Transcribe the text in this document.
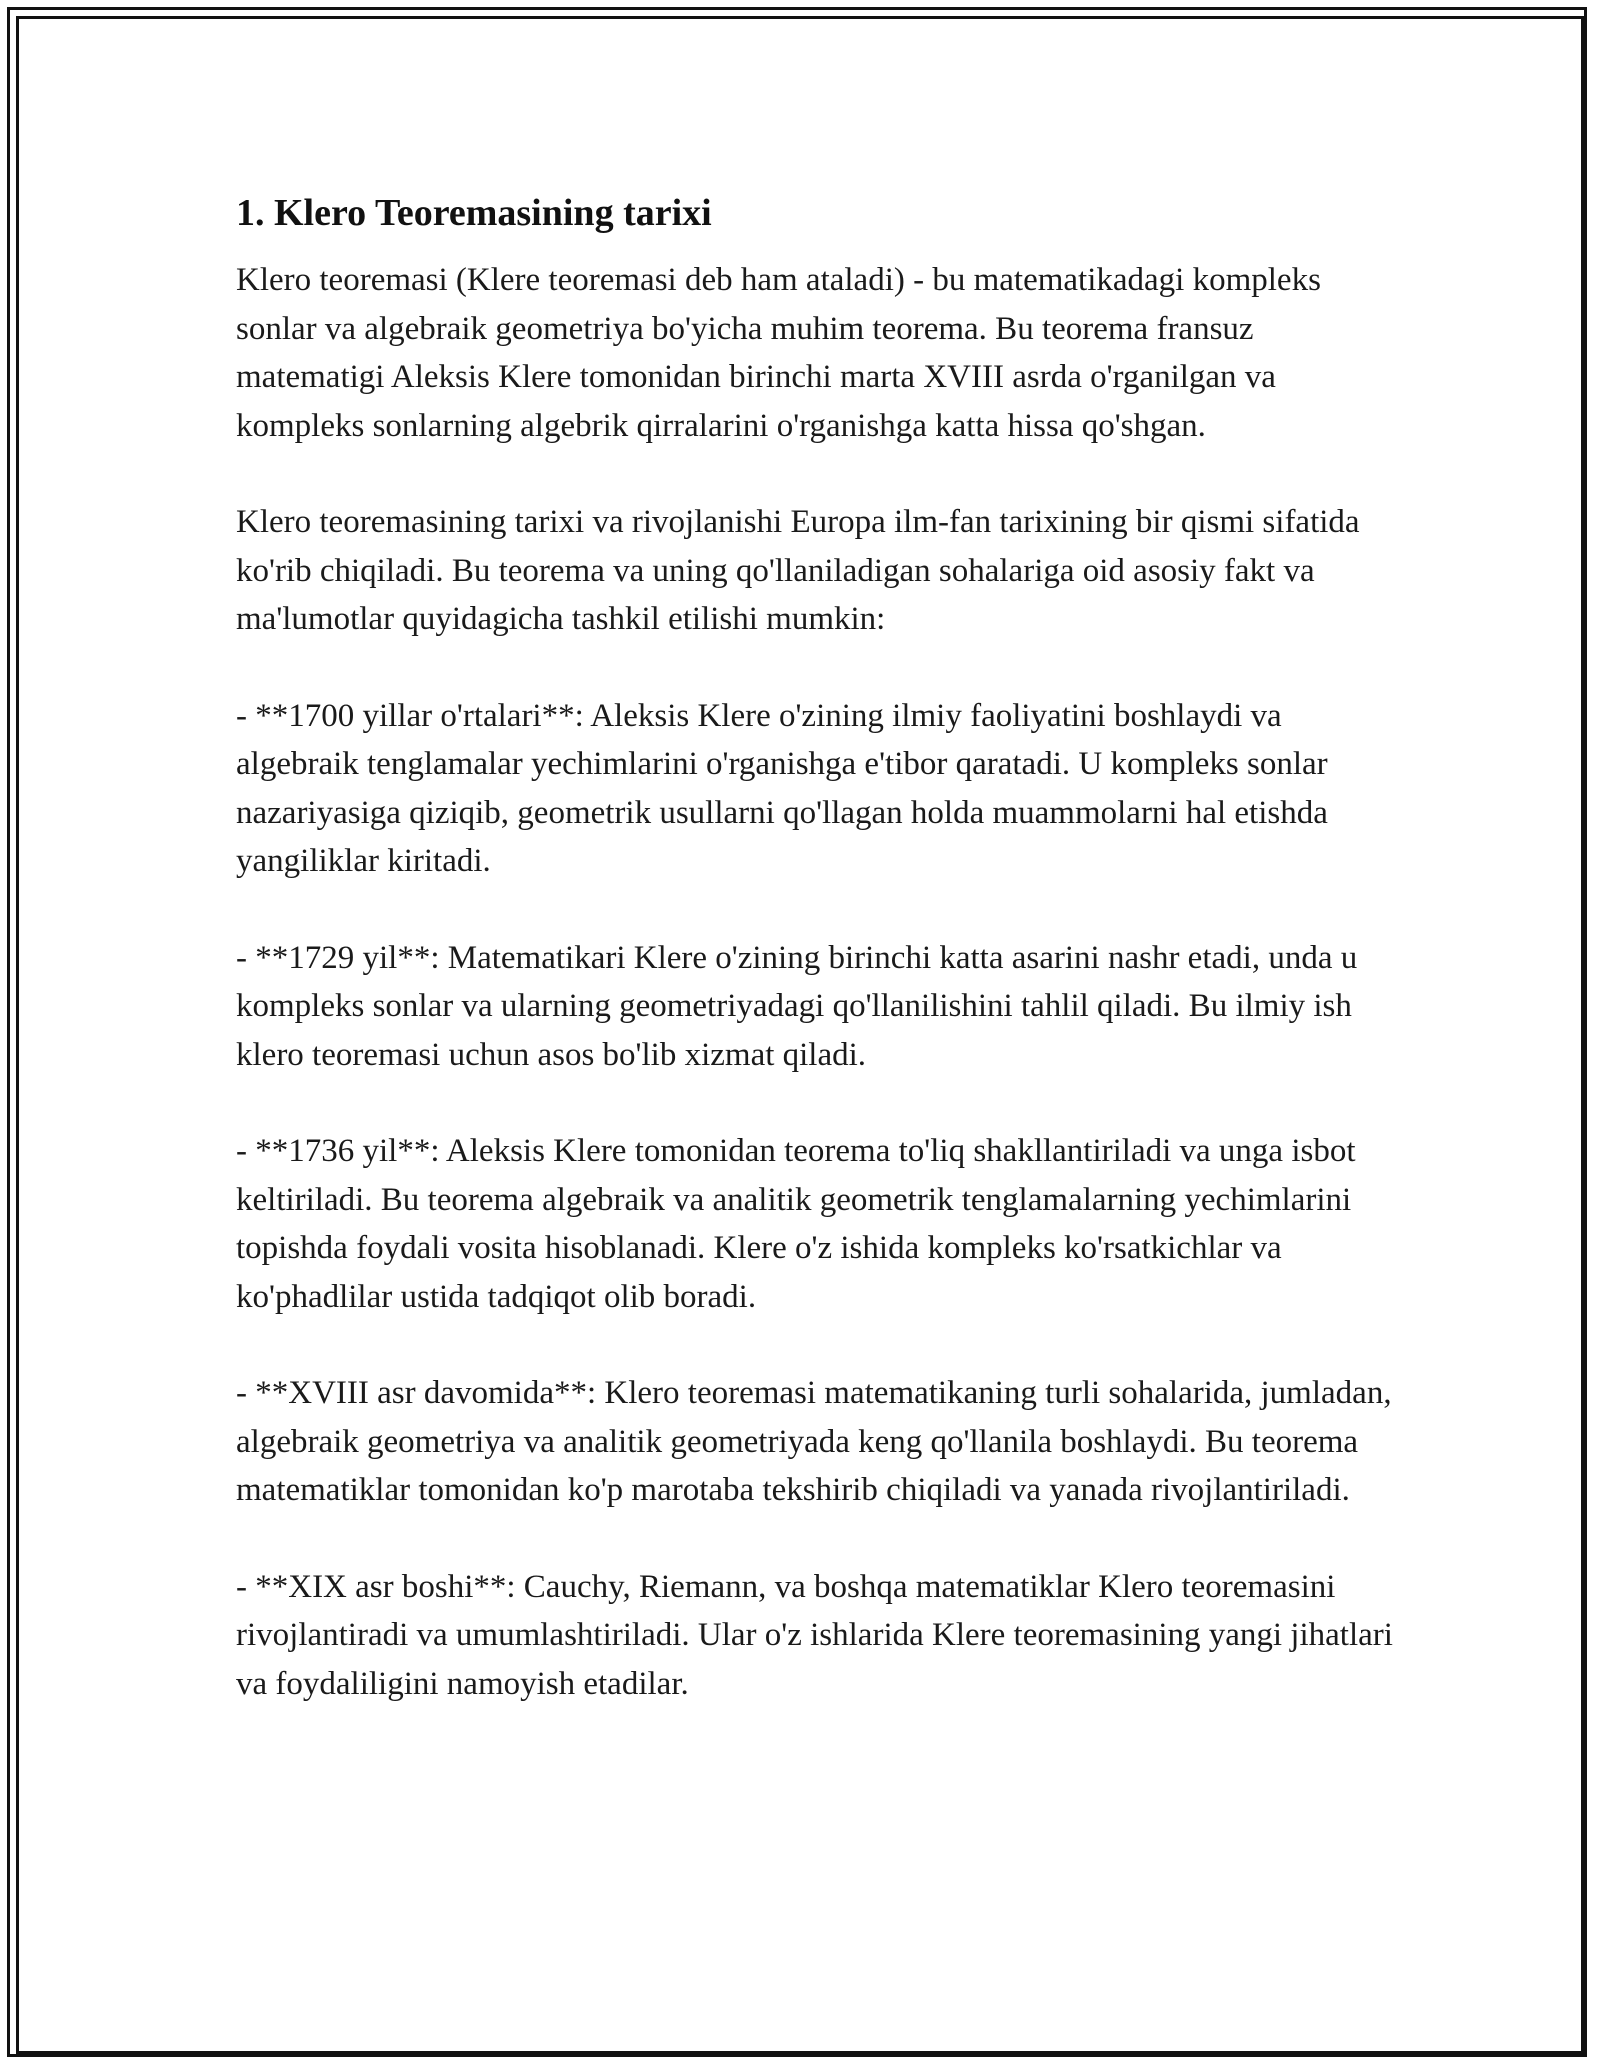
1. Klero Teoremasining tarixi

Klero teoremasi (Klere teoremasi deb ham ataladi) - bu matematikadagi kompleks sonlar va algebraik geometriya bo'yicha muhim teorema. Bu teorema fransuz matematigi Aleksis Klere tomonidan birinchi marta XVIII asrda o'rganilgan va kompleks sonlarning algebrik qirralarini o'rganishga katta hissa qo'shgan.

Klero teoremasining tarixi va rivojlanishi Europa ilm-fan tarixining bir qismi sifatida ko'rib chiqiladi. Bu teorema va uning qo'llaniladigan sohalariga oid asosiy fakt va ma'lumotlar quyidagicha tashkil etilishi mumkin:

- **1700 yillar o'rtalari**: Aleksis Klere o'zining ilmiy faoliyatini boshlaydi va algebraik tenglamalar yechimlarini o'rganishga e'tibor qaratadi. U kompleks sonlar nazariyasiga qiziqib, geometrik usullarni qo'llagan holda muammolarni hal etishda yangiliklar kiritadi.

- **1729 yil**: Matematikari Klere o'zining birinchi katta asarini nashr etadi, unda u kompleks sonlar va ularning geometriyadagi qo'llanilishini tahlil qiladi. Bu ilmiy ish klero teoremasi uchun asos bo'lib xizmat qiladi.

- **1736 yil**: Aleksis Klere tomonidan teorema to'liq shakllantiriladi va unga isbot keltiriladi. Bu teorema algebraik va analitik geometrik tenglamalarning yechimlarini topishda foydali vosita hisoblanadi. Klere o'z ishida kompleks ko'rsatkichlar va ko'phadlilar ustida tadqiqot olib boradi.

- **XVIII asr davomida**: Klero teoremasi matematikaning turli sohalarida, jumladan, algebraik geometriya va analitik geometriyada keng qo'llanila boshlaydi. Bu teorema matematiklar tomonidan ko'p marotaba tekshirib chiqiladi va yanada rivojlantiriladi.

- **XIX asr boshi**: Cauchy, Riemann, va boshqa matematiklar Klero teoremasini rivojlantiradi va umumlashtiriladi. Ular o'z ishlarida Klere teoremasining yangi jihatlari va foydaliligini namoyish etadilar.
